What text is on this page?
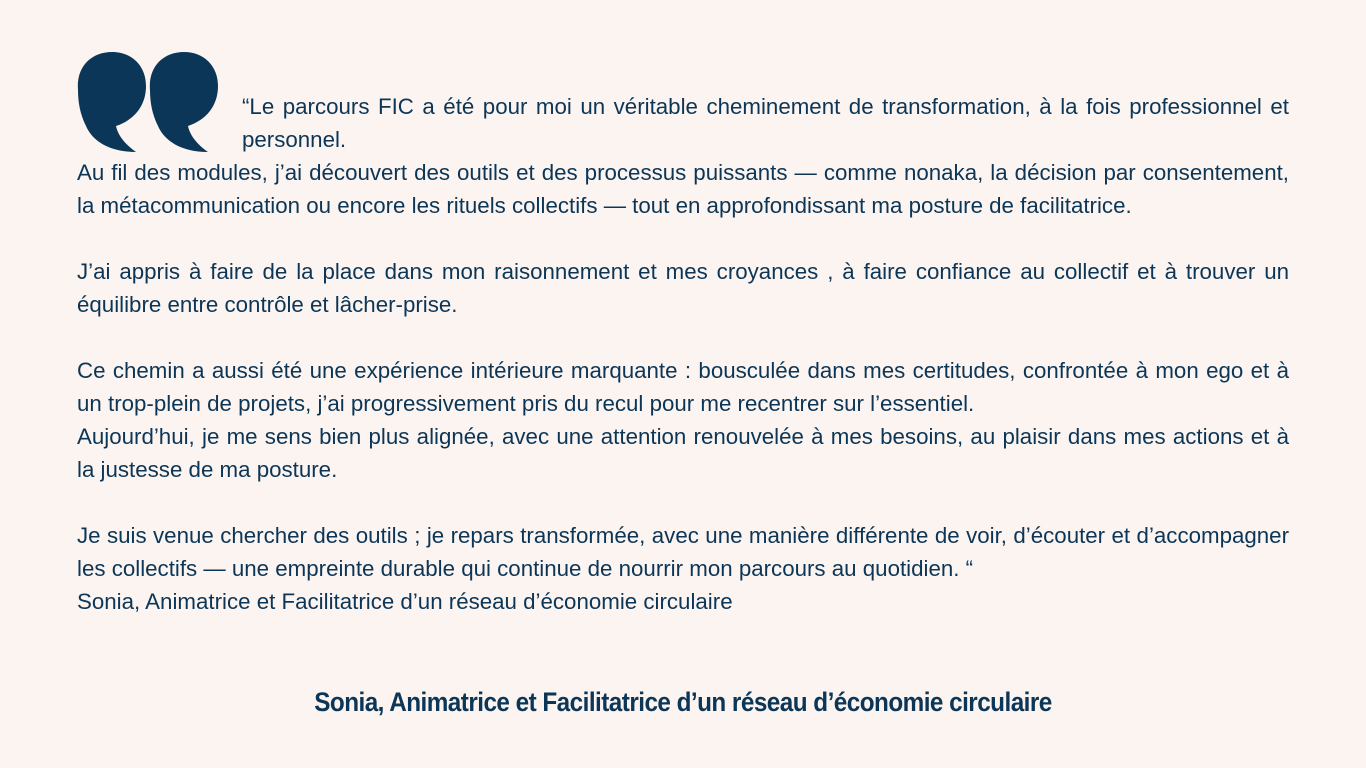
“Le parcours FIC a été pour moi un véritable cheminement de transformation, à la fois professionnel et personnel.

Au fil des modules, j’ai découvert des outils et des processus puissants — comme nonaka, la décision par consentement, la métacommunication ou encore les rituels collectifs — tout en approfondissant ma posture de facilitatrice.

J’ai appris à faire de la place dans mon raisonnement et mes croyances , à faire confiance au collectif et à trouver un équilibre entre contrôle et lâcher-prise.

Ce chemin a aussi été une expérience intérieure marquante : bousculée dans mes certitudes, confrontée à mon ego et à un trop-plein de projets, j’ai progressivement pris du recul pour me recentrer sur l’essentiel.

Aujourd’hui, je me sens bien plus alignée, avec une attention renouvelée à mes besoins, au plaisir dans mes actions et à la justesse de ma posture.

Je suis venue chercher des outils ; je repars transformée, avec une manière différente de voir, d’écouter et d’accompagner les collectifs — une empreinte durable qui continue de nourrir mon parcours au quotidien. “

Sonia, Animatrice et Facilitatrice d’un réseau d’économie circulaire

Sonia, Animatrice et Facilitatrice d’un réseau d’économie circulaire
